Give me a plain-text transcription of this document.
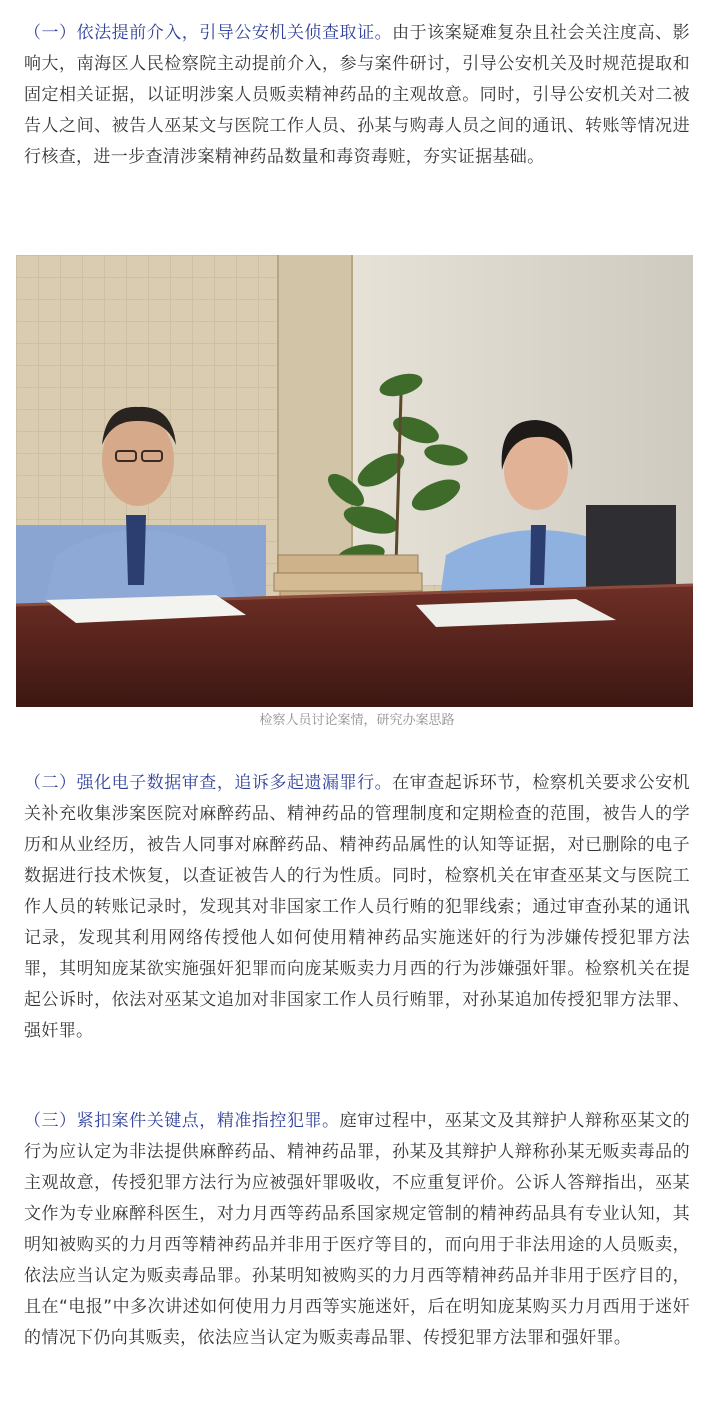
（一）依法提前介入，引导公安机关侦查取证。由于该案疑难复杂且社会关注度高、影响大，南海区人民检察院主动提前介入，参与案件研讨，引导公安机关及时规范提取和固定相关证据，以证明涉案人员贩卖精神药品的主观故意。同时，引导公安机关对二被告人之间、被告人巫某文与医院工作人员、孙某与购毒人员之间的通讯、转账等情况进行核查，进一步查清涉案精神药品数量和毒资毒赃，夯实证据基础。

检察人员讨论案情，研究办案思路

（二）强化电子数据审查，追诉多起遗漏罪行。在审查起诉环节，检察机关要求公安机关补充收集涉案医院对麻醉药品、精神药品的管理制度和定期检查的范围，被告人的学历和从业经历，被告人同事对麻醉药品、精神药品属性的认知等证据，对已删除的电子数据进行技术恢复，以查证被告人的行为性质。同时，检察机关在审查巫某文与医院工作人员的转账记录时，发现其对非国家工作人员行贿的犯罪线索；通过审查孙某的通讯记录，发现其利用网络传授他人如何使用精神药品实施迷奸的行为涉嫌传授犯罪方法罪，其明知庞某欲实施强奸犯罪而向庞某贩卖力月西的行为涉嫌强奸罪。检察机关在提起公诉时，依法对巫某文追加对非国家工作人员行贿罪，对孙某追加传授犯罪方法罪、强奸罪。

（三）紧扣案件关键点，精准指控犯罪。庭审过程中，巫某文及其辩护人辩称巫某文的行为应认定为非法提供麻醉药品、精神药品罪，孙某及其辩护人辩称孙某无贩卖毒品的主观故意，传授犯罪方法行为应被强奸罪吸收，不应重复评价。公诉人答辩指出，巫某文作为专业麻醉科医生，对力月西等药品系国家规定管制的精神药品具有专业认知，其明知被购买的力月西等精神药品并非用于医疗等目的，而向用于非法用途的人员贩卖，依法应当认定为贩卖毒品罪。孙某明知被购买的力月西等精神药品并非用于医疗目的，且在“电报”中多次讲述如何使用力月西等实施迷奸，后在明知庞某购买力月西用于迷奸的情况下仍向其贩卖，依法应当认定为贩卖毒品罪、传授犯罪方法罪和强奸罪。
